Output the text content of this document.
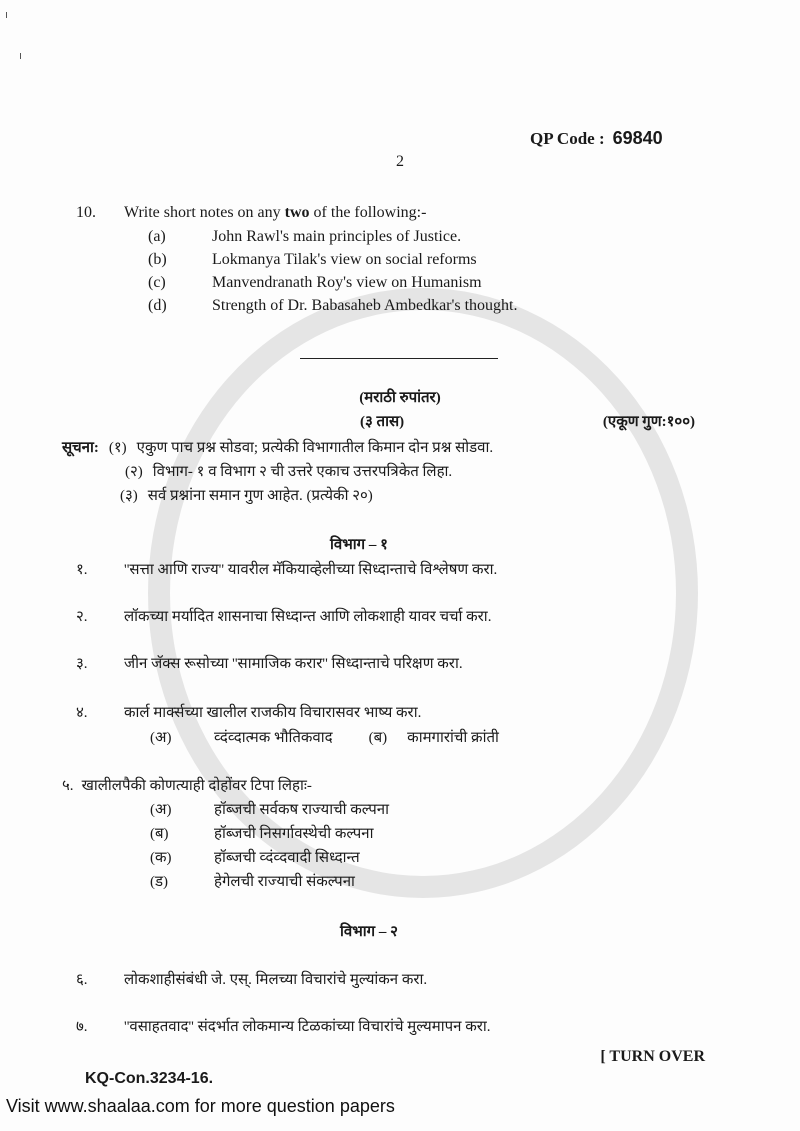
QP Code : 69840
2
10.	Write short notes on any two of the following:-
(a)	John Rawl's main principles of Justice.
(b)	Lokmanya Tilak's view on social reforms
(c)	Manvendranath Roy's view on Humanism
(d)	Strength of Dr. Babasaheb Ambedkar's thought.
(मराठी रुपांतर)
(३ तास)	(एकूण गुण:१००)
सूचना: (१) एकुण पाच प्रश्न सोडवा; प्रत्येकी विभागातील किमान दोन प्रश्न सोडवा.
(२) विभाग- १ व विभाग २ ची उत्तरे एकाच उत्तरपत्रिकेत लिहा.
(३) सर्व प्रश्नांना समान गुण आहेत. (प्रत्येकी २०)
विभाग – १
१.	''सत्ता आणि राज्य'' यावरील मॅकियाव्हेलीच्या सिध्दान्ताचे विश्लेषण करा.
२.	लॉकच्या मर्यादित शासनाचा सिध्दान्त आणि लोकशाही यावर चर्चा करा.
३.	जीन जॅक्स रूसोच्या ''सामाजिक करार'' सिध्दान्ताचे परिक्षण करा.
४.	कार्ल मार्क्सच्या खालील राजकीय विचारासवर भाष्य करा.
(अ)	व्दंव्दात्मक भौतिकवाद	(ब)	कामगारांची क्रांती
५. खालीलपैकी कोणत्याही दोहोंवर टिपा लिहाः-
(अ)	हॉब्जची सर्वकष राज्याची कल्पना
(ब)	हॉब्जची निसर्गावस्थेची कल्पना
(क)	हॉब्जची व्दंव्दवादी सिध्दान्त
(ड)	हेगेलची राज्याची संकल्पना
विभाग – २
६.	लोकशाहीसंबंधी जे. एस्. मिलच्या विचारांचे मुल्यांकन करा.
७.	''वसाहतवाद'' संदर्भात लोकमान्य टिळकांच्या विचारांचे मुल्यमापन करा.
[ TURN OVER
KQ-Con.3234-16.
Visit www.shaalaa.com for more question papers
